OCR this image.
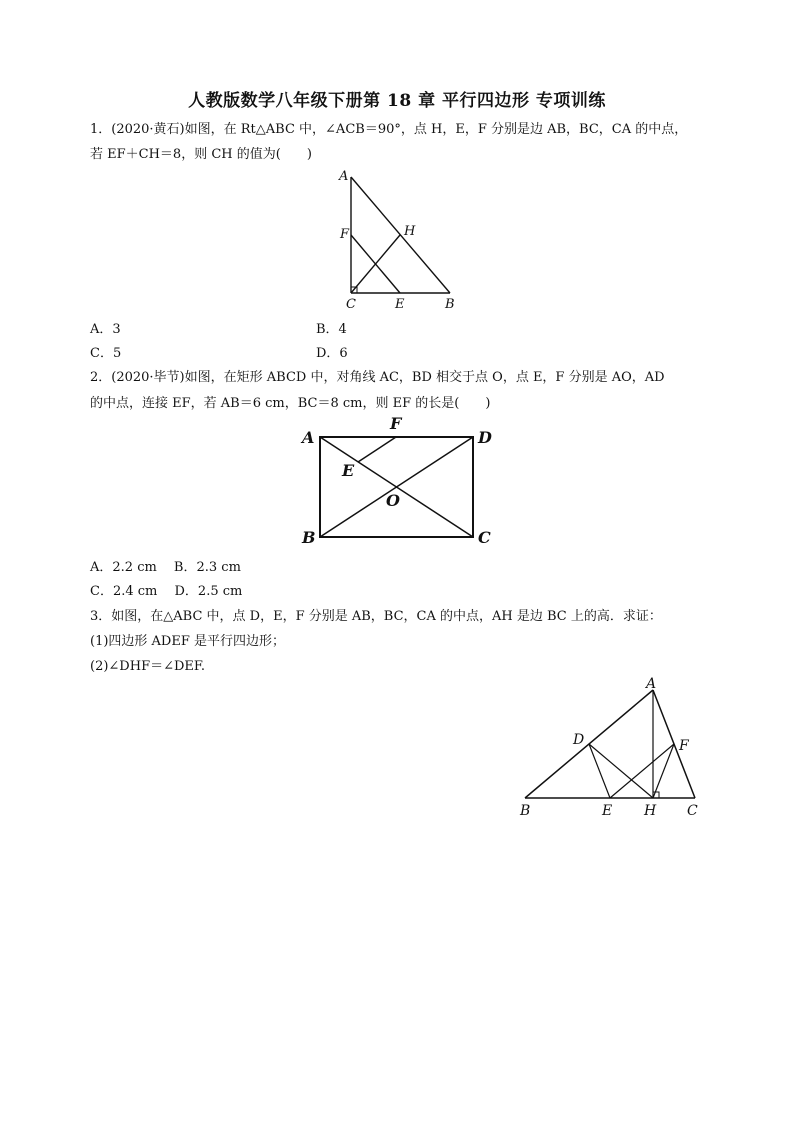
人教版数学八年级下册第 18 章 平行四边形 专项训练
1．(2020·黄石)如图，在 Rt△ABC 中，∠ACB＝90°，点 H，E，F 分别是边 AB，BC，CA 的中点，
若 EF＋CH＝8，则 CH 的值为(　　)
A
F	H
C	E	B
A．3	B．4
C．5	D．6
2．(2020·毕节)如图，在矩形 ABCD 中，对角线 AC，BD 相交于点 O，点 E，F 分别是 AO，AD
的中点，连接 EF，若 AB＝6 cm，BC＝8 cm，则 EF 的长是(　　)
A
F
D
E
O
B	C
A．2.2 cm　 B．2.3 cm
C．2.4 cm　 D．2.5 cm
3．如图，在△ABC 中，点 D，E，F 分别是 AB，BC，CA 的中点，AH 是边 BC 上的高．求证：
(1)四边形 ADEF 是平行四边形；
(2)∠DHF＝∠DEF.
A
D	F
B	E H C
